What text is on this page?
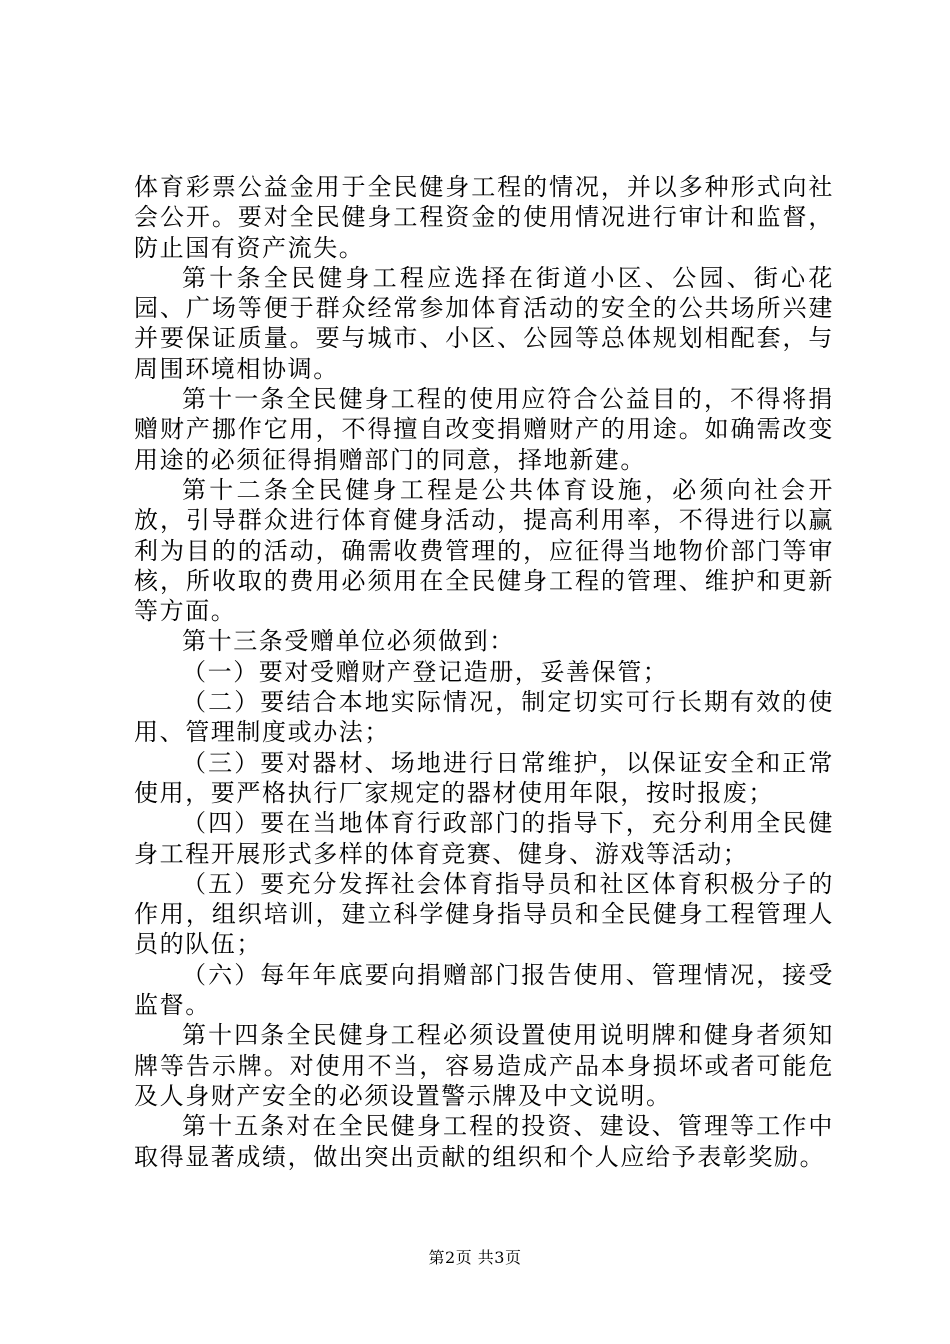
体育彩票公益金用于全民健身工程的情况，并以多种形式向社会公开。要对全民健身工程资金的使用情况进行审计和监督，防止国有资产流失。

第十条全民健身工程应选择在街道小区、公园、街心花园、广场等便于群众经常参加体育活动的安全的公共场所兴建并要保证质量。要与城市、小区、公园等总体规划相配套，与周围环境相协调。

第十一条全民健身工程的使用应符合公益目的，不得将捐赠财产挪作它用，不得擅自改变捐赠财产的用途。如确需改变用途的必须征得捐赠部门的同意，择地新建。

第十二条全民健身工程是公共体育设施，必须向社会开放，引导群众进行体育健身活动，提高利用率，不得进行以赢利为目的的活动，确需收费管理的，应征得当地物价部门等审核，所收取的费用必须用在全民健身工程的管理、维护和更新等方面。

第十三条受赠单位必须做到：

（一）要对受赠财产登记造册，妥善保管；

（二）要结合本地实际情况，制定切实可行长期有效的使用、管理制度或办法；

（三）要对器材、场地进行日常维护，以保证安全和正常使用，要严格执行厂家规定的器材使用年限，按时报废；

（四）要在当地体育行政部门的指导下，充分利用全民健身工程开展形式多样的体育竞赛、健身、游戏等活动；

（五）要充分发挥社会体育指导员和社区体育积极分子的作用，组织培训，建立科学健身指导员和全民健身工程管理人员的队伍；

（六）每年年底要向捐赠部门报告使用、管理情况，接受监督。

第十四条全民健身工程必须设置使用说明牌和健身者须知牌等告示牌。对使用不当，容易造成产品本身损坏或者可能危及人身财产安全的必须设置警示牌及中文说明。

第十五条对在全民健身工程的投资、建设、管理等工作中取得显著成绩，做出突出贡献的组织和个人应给予表彰奖励。

第2页 共3页
